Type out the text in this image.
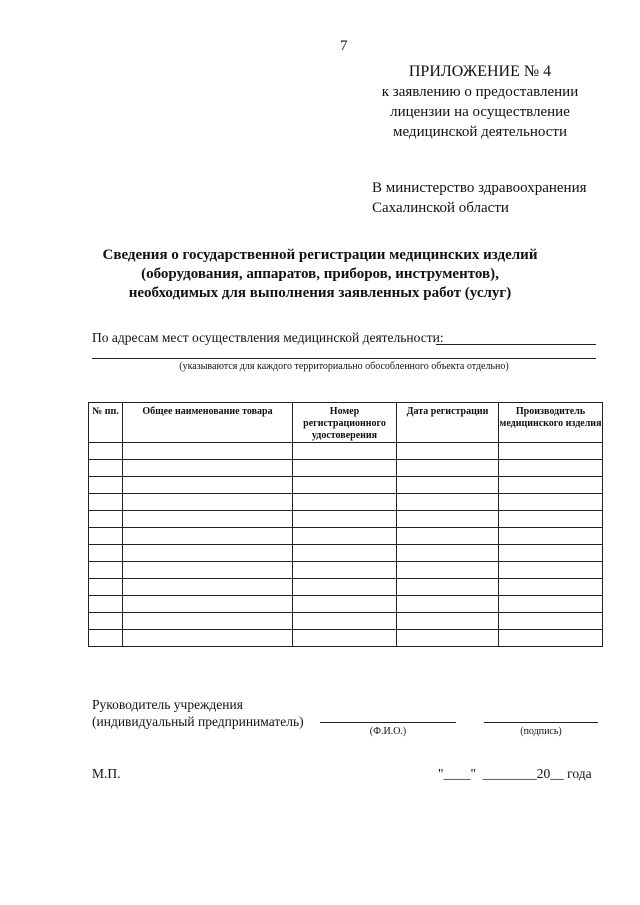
7
ПРИЛОЖЕНИЕ № 4
к заявлению о предоставлении
лицензии на осуществление
медицинской деятельности
В министерство здравоохранения
Сахалинской области
Сведения о государственной регистрации медицинских изделий
(оборудования, аппаратов, приборов, инструментов),
необходимых для выполнения заявленных работ (услуг)
По адресам мест осуществления медицинской деятельности:
(указываются для каждого территориально обособленного объекта отдельно)
№ пп.	Общее наименование товара	Номер регистрационного удостоверения	Дата регистрации	Производитель медицинского изделия

Руководитель учреждения
(индивидуальный предприниматель)
(Ф.И.О.)	(подпись)
М.П.	"____"  ________20__ года
